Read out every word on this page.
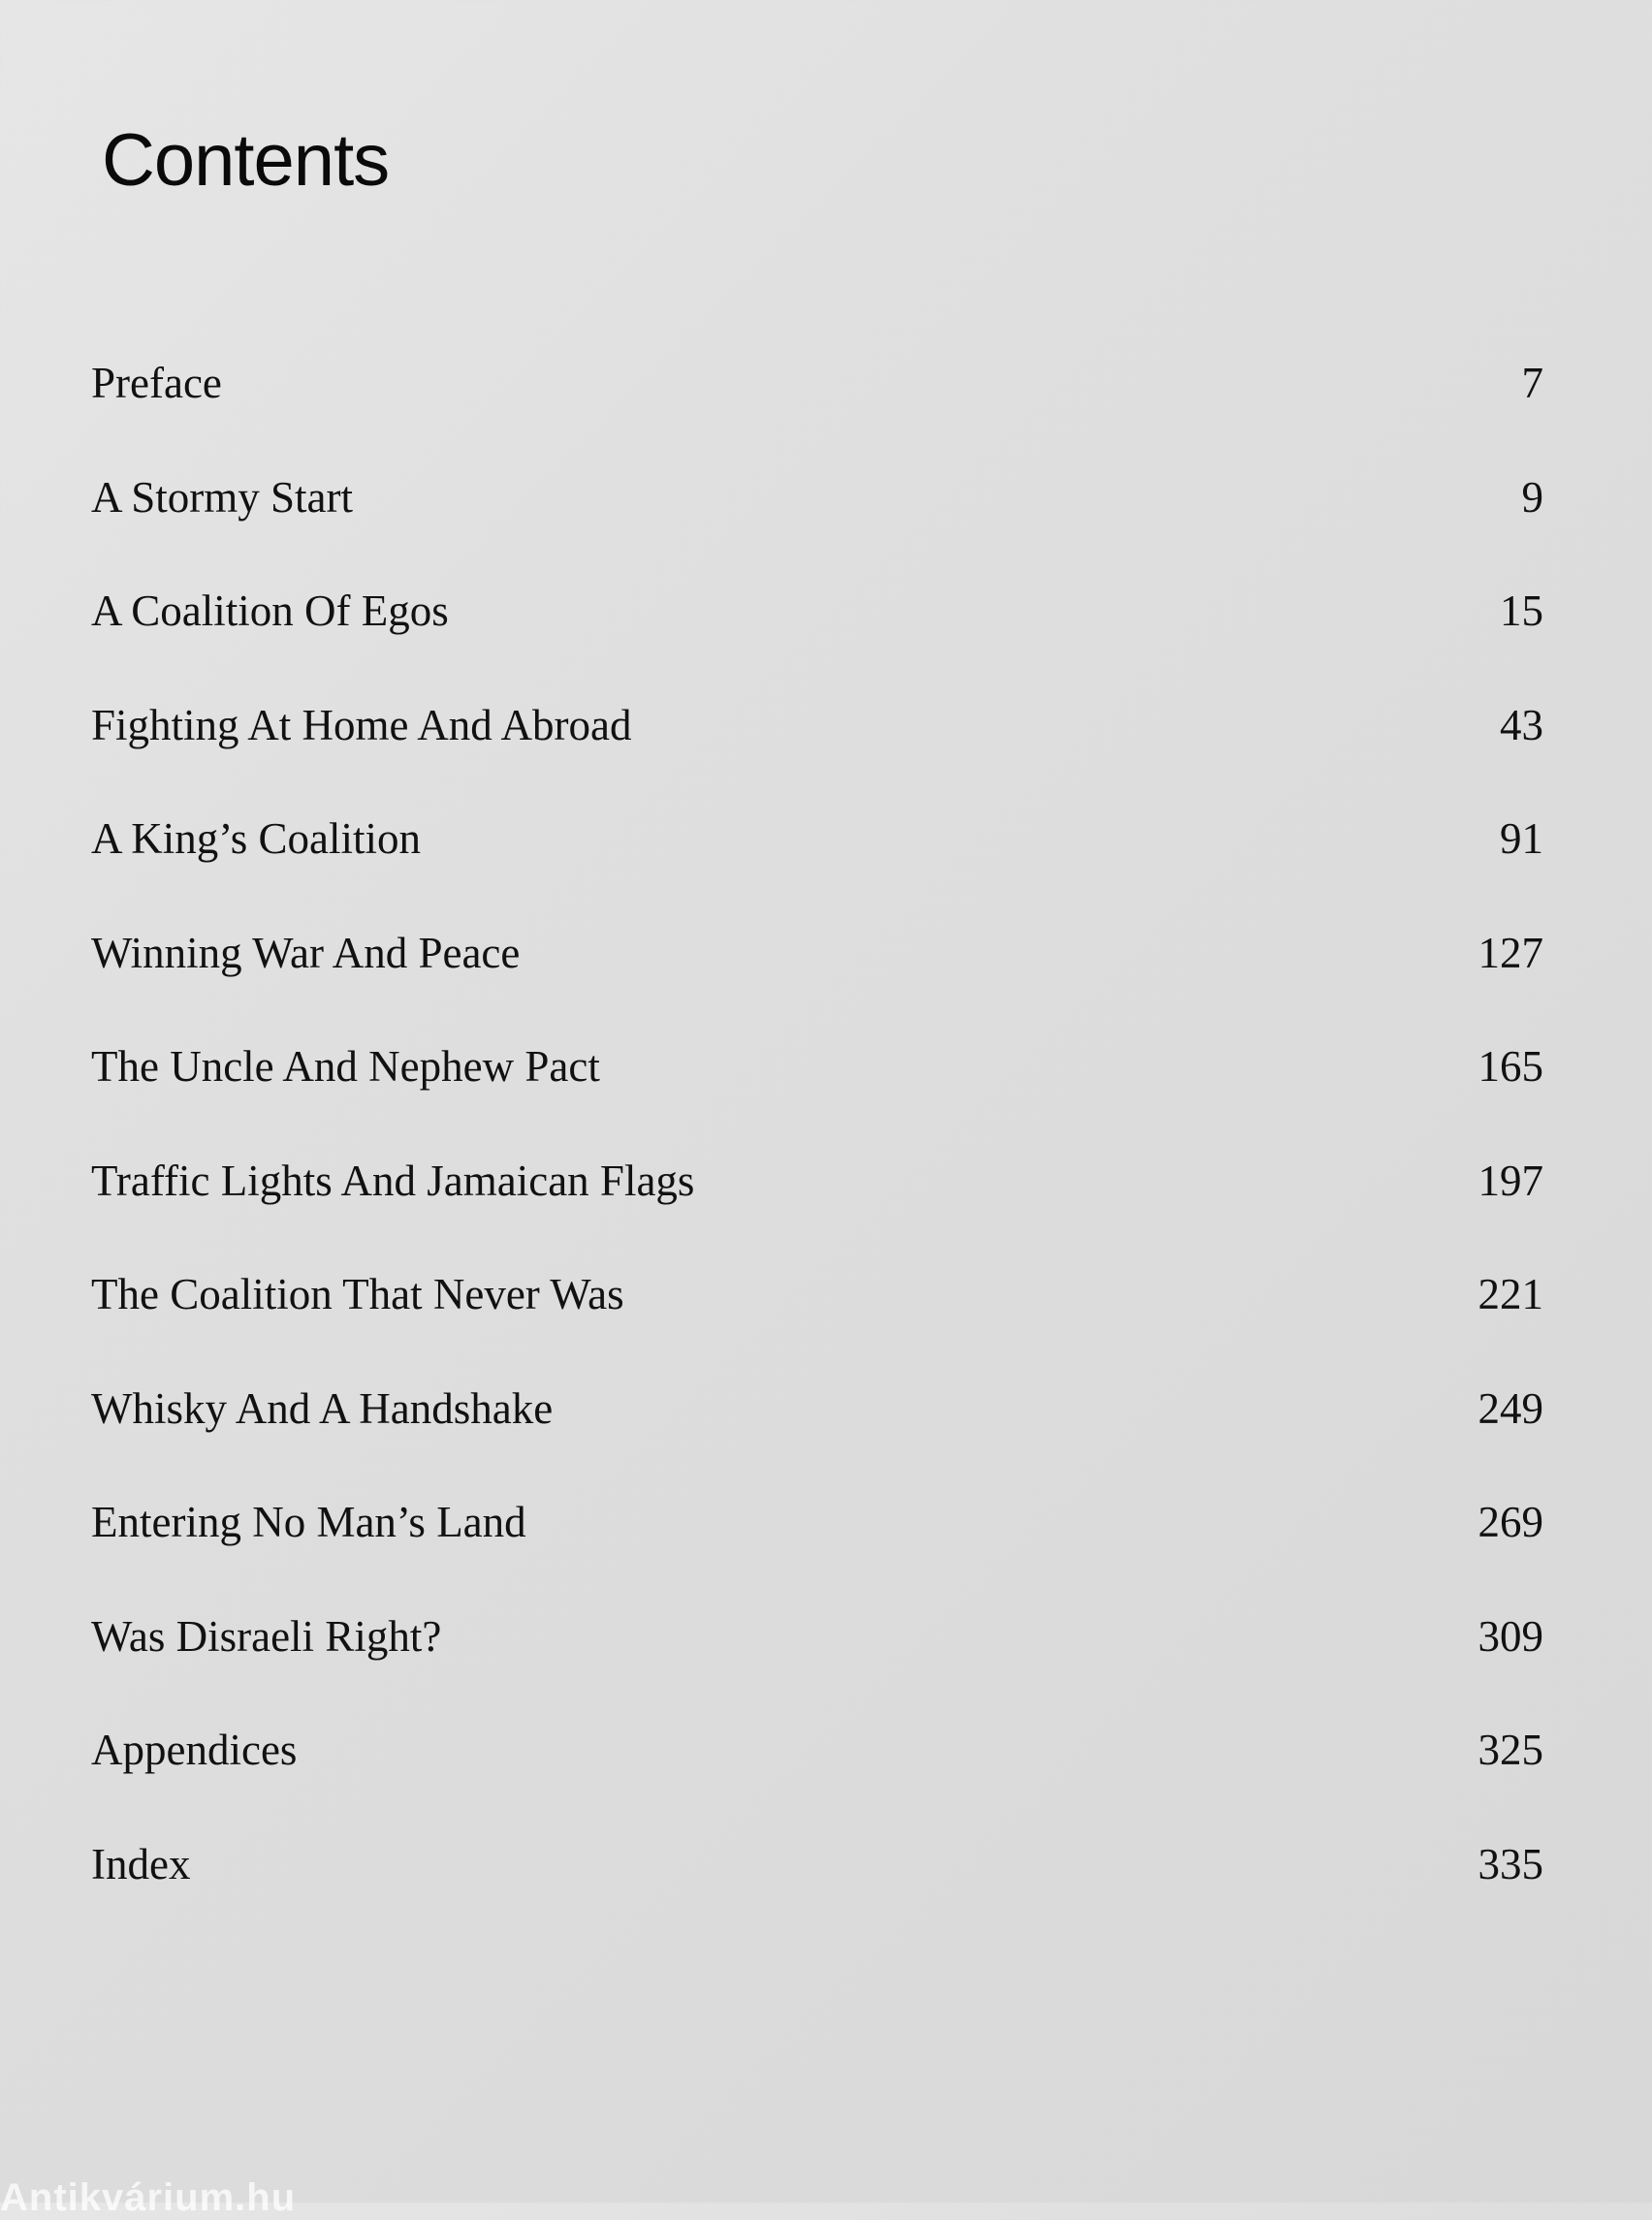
Contents
Preface	7
A Stormy Start	9
A Coalition Of Egos	15
Fighting At Home And Abroad	43
A King’s Coalition	91
Winning War And Peace	127
The Uncle And Nephew Pact	165
Traffic Lights And Jamaican Flags	197
The Coalition That Never Was	221
Whisky And A Handshake	249
Entering No Man’s Land	269
Was Disraeli Right?	309
Appendices	325
Index	335
Antikvárium.hu
